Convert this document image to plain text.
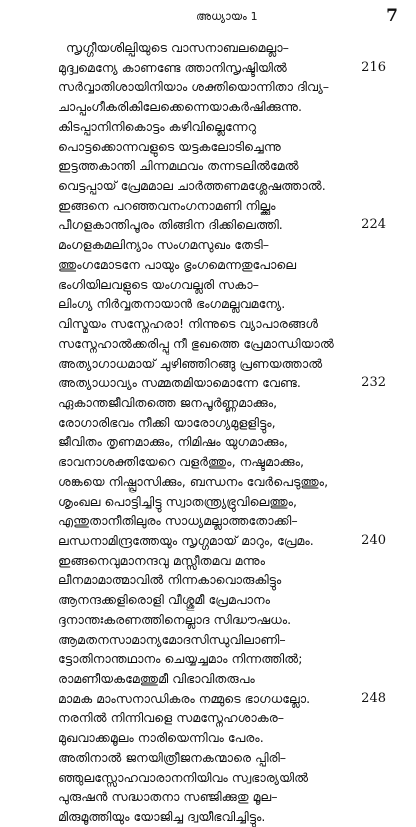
അധ്യായം 1	7
സൃഗ്ഗീയശില്പിയുടെ വാസനാബലമെല്ലാ–
മുദ്ദ്വമെന്യേ കാണണ്ടേ ത്താനിസൃഷ്ടിയിൽ	216
സർവ്വാതിശായിനിയാം ശക്തിയൊന്നിതാ ദിവ്യ–
ചാപ്പംഗീകരികിലേക്കെന്നെയാകർഷിക്കുന്നു.
കിടപ്പാനിനികൊട്ടം കഴിവില്ലെന്നേറു
പൊട്ടക്കൊന്നവളുടെ യട്ടകലോടിച്ചെന്നു
ഇട്ടത്തകാന്തി ചിന്നമഥവം തന്നടലിൽമേൽ
വെട്ടപ്പായ് പ്രേമമാല ചാർത്തണമശ്ലേഷത്താൽ.
ഇങ്ങനെ പറഞ്ഞവനംഗനാമണി നില്ക്കും
പീഗളകാന്തിപൂരം തിങ്ങിന ദിക്കിലെത്തി.	224
മംഗളകമലിന്യാം സംഗമസുഖം തേടി–
ത്തുംഗമോടനേ പായും ഭൃംഗമെന്നതുപോലെ
ഭംഗിയിലവളുടെ യംഗവല്ലരി സകാ–
ലിംഗ്യ നിർവ്വതനായാൻ ഭംഗമല്ലവമന്യേ.
വിസ്മയം സസ്നേഹരാ! നിന്നുടെ വ്യാപാരങ്ങൾ
സസ്നേഹാൽക്കരിപ്പു നീ ഭുഖത്തെ പ്രേമാന്ധിയാൽ
അത്യാഗാധമായ് ചുഴിഞ്ഞിറങ്ങു പ്രണയത്താൽ
അത്യാധാവ്യം സമ്മതമിയാമൊന്നേ വേണ്ട.	232
ഏകാന്തജീവിതത്തെ ജനപൂർണ്ണമാക്കും,
രോഗാരിഭവം നീക്കി യാരോഗ്യമുളളിട്ടും,
ജീവിതം തൃണമാക്കും, നിമിഷം യുഗമാക്കും,
ഭാവനാശക്തിയേറെ വളർത്തും, നഷ്ടമാക്കും,
ശങ്കയെ നിഷ്പ്രാസിക്കും, ബന്ധനം വേർപെടുത്തും,
ശൃംഖല പൊട്ടിച്ചിട്ടു സ്വാതന്ത്ര്യഭ്രുവിലെത്തും,
എന്തുതാനീതിലുരം സാധ്യമല്ലാത്തതോക്കി–
ലന്ധനാമിന്ദ്രത്തേയും സൃഗ്ഗമായ് മാറും, പ്രേമം.	240
ഇങ്ങനെവുമാനന്ദവു മസ്സീതമവ മന്നും
ലീനമാമാത്മാവിൽ നിന്നകാവൊരുകിട്ടും
ആനന്ദക്കളിരൊളി വീശ്ശുമീ പ്രേമപാനം
ദ്ദനാന്തഃകരണത്തിനെല്ലാദ സിദ്ധൗഷധം.
ആമതനസാമാന്യമോദസിന്ധുവിലാണി–
ട്ടോതിനാന്തഥാനം ചെയ്യച്ചമാം നിന്നത്തിൽ;
രാമണീയകമേത്തുമീ വിഭാവിതരുപം
മാമക മാംസനാഡികരം നമ്മുടെ ഭാഗധല്ലോ.	248
നരനിൽ നിന്നിവളെ സമസ്നേഹശാകര–
മുഖവാക്കമൂലം നാരിയെന്നിവം പേരം.
അതിനാൽ ജനയിത്രീജനകന്മാരെ പ്പിരി–
ഞ്ഞുലസ്സോഹവാരാനനിയിവം സ്വഭാര്യയിൽ
പുരുഷൻ സദ്ധാതനാ സഞ്ജിക്കുതു മൂല–
മിരുമൂത്തിയും യോജിച്ച ദ്വയീഭവിച്ചിട്ടും.
